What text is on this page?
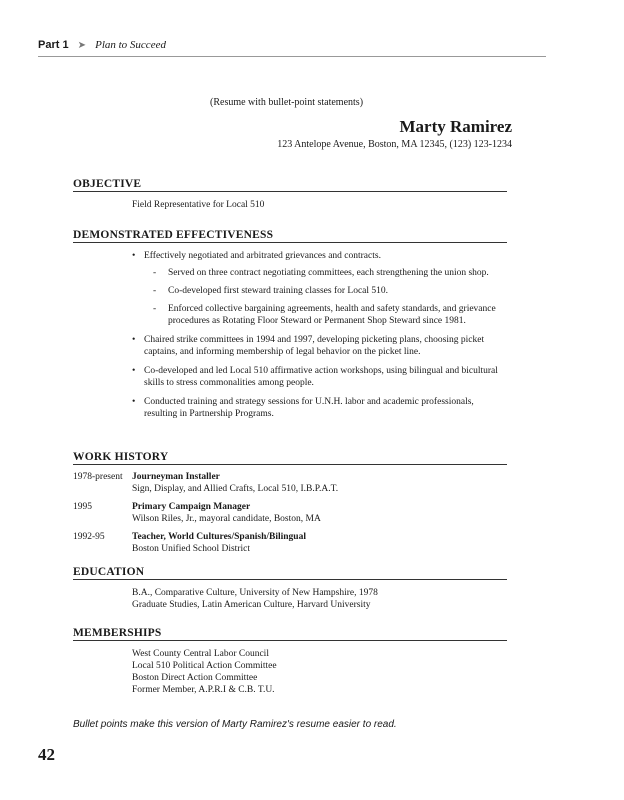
Part 1 ➤ Plan to Succeed
(Resume with bullet-point statements)
Marty Ramirez
123 Antelope Avenue, Boston, MA 12345, (123) 123-1234
OBJECTIVE
Field Representative for Local 510
DEMONSTRATED EFFECTIVENESS
• Effectively negotiated and arbitrated grievances and contracts.
- Served on three contract negotiating committees, each strengthening the union shop.
- Co-developed first steward training classes for Local 510.
- Enforced collective bargaining agreements, health and safety standards, and grievance procedures as Rotating Floor Steward or Permanent Shop Steward since 1981.
• Chaired strike committees in 1994 and 1997, developing picketing plans, choosing picket captains, and informing membership of legal behavior on the picket line.
• Co-developed and led Local 510 affirmative action workshops, using bilingual and bicultural skills to stress commonalities among people.
• Conducted training and strategy sessions for U.N.H. labor and academic professionals, resulting in Partnership Programs.
WORK HISTORY
1978-present Journeyman Installer
Sign, Display, and Allied Crafts, Local 510, I.B.P.A.T.
1995	Primary Campaign Manager
Wilson Riles, Jr., mayoral candidate, Boston, MA
1992-95	Teacher, World Cultures/Spanish/Bilingual
Boston Unified School District
EDUCATION
B.A., Comparative Culture, University of New Hampshire, 1978
Graduate Studies, Latin American Culture, Harvard University
MEMBERSHIPS
West County Central Labor Council
Local 510 Political Action Committee
Boston Direct Action Committee
Former Member, A.P.R.I & C.B. T.U.
Bullet points make this version of Marty Ramirez's resume easier to read.
42
